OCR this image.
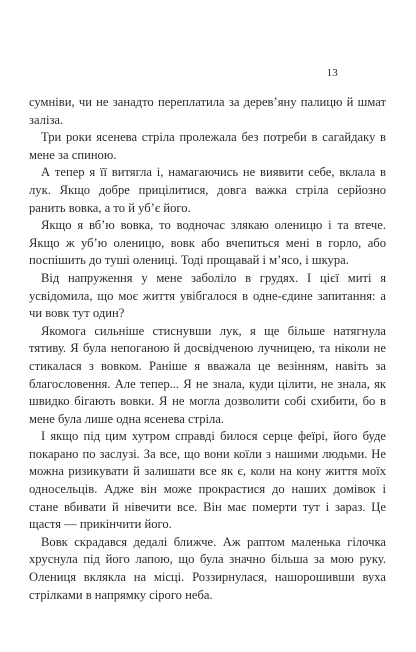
13

сумніви, чи не занадто переплатила за дерев’яну палицю й шмат заліза.

Три роки ясенева стріла пролежала без потреби в сагайдаку в мене за спиною.

А тепер я її витягла і, намагаючись не виявити себе, вклала в лук. Якщо добре прицілитися, довга важка стріла серйозно ранить вовка, а то й уб’є його.

Якщо я вб’ю вовка, то водночас злякаю оленицю і та втече. Якщо ж уб’ю оленицю, вовк або вчепиться мені в горло, або поспішить до туші олениці. Тоді прощавай і м’ясо, і шкура.

Від напруження у мене заболіло в грудях. І цієї миті я усвідомила, що моє життя увібгалося в одне-єдине запитання: а чи вовк тут один?

Якомога сильніше стиснувши лук, я ще більше натягнула тятиву. Я була непоганою й досвідченою лучницею, та ніколи не стикалася з вовком. Раніше я вважала це везінням, навіть за благословення. Але тепер... Я не знала, куди цілити, не знала, як швидко бігають вовки. Я не могла дозволити собі схибити, бо в мене була лише одна ясенева стріла.

І якщо під цим хутром справді билося серце феїрі, його буде покарано по заслузі. За все, що вони коїли з нашими людьми. Не можна ризикувати й залишати все як є, коли на кону життя моїх односельців. Адже він може прокрастися до наших домівок і стане вбивати й нівечити все. Він має померти тут і зараз. Це щастя — прикінчити його.

Вовк скрадався дедалі ближче. Аж раптом маленька гілочка хруснула під його лапою, що була значно більша за мою руку. Олениця вклякла на місці. Роззирнулася, нашорошивши вуха стрілками в напрямку сірого неба.
